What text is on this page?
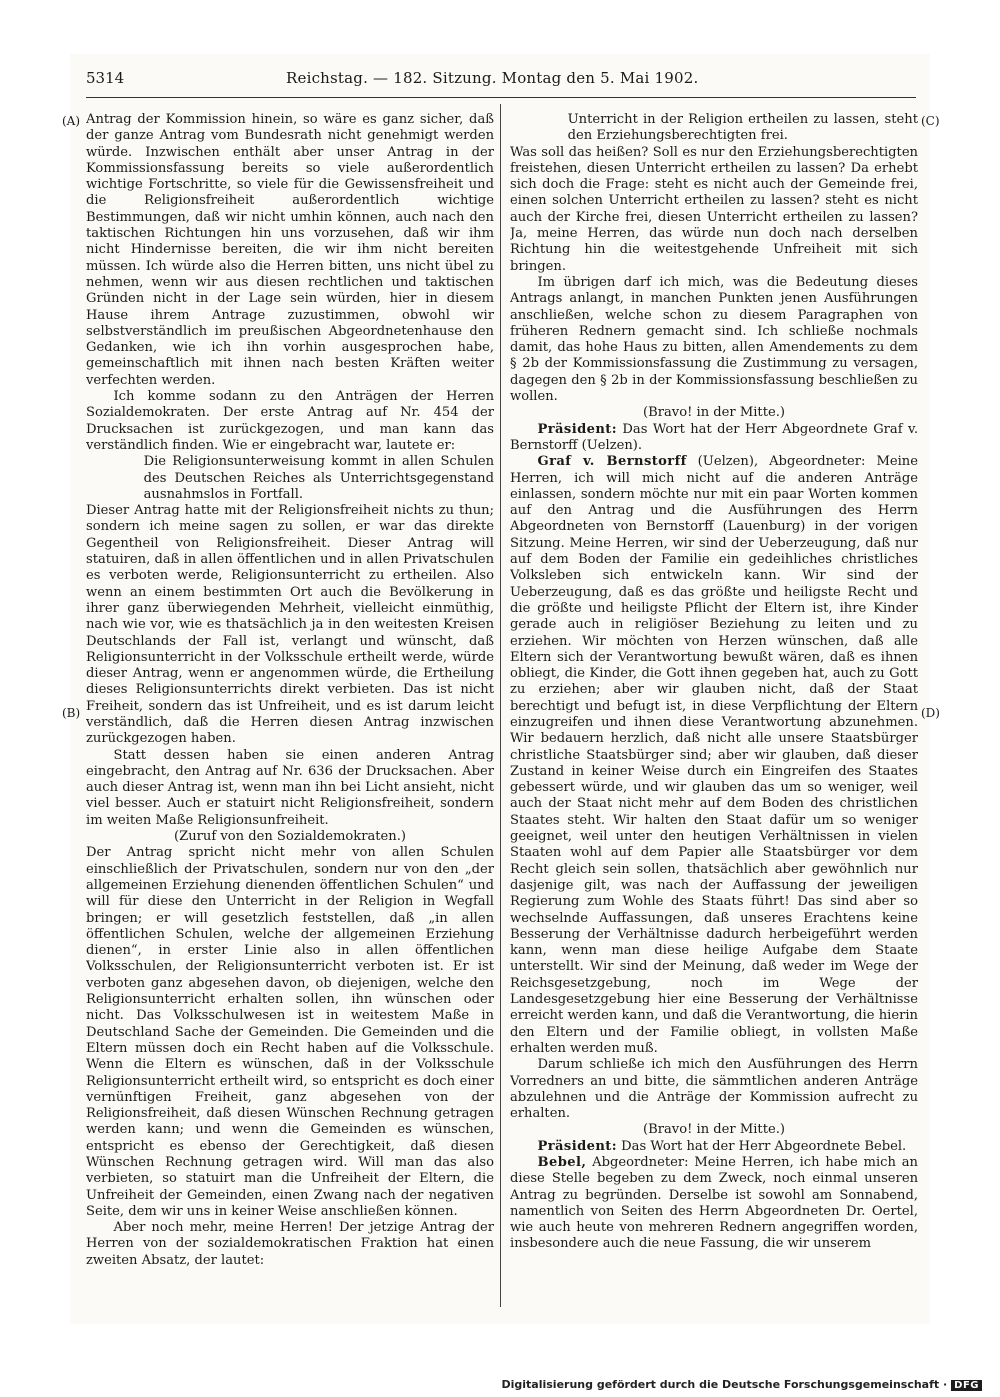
5314	Reichstag. — 182. Sitzung. Montag den 5. Mai 1902.
(A)
(B)
(C)
(D)

Antrag der Kommission hinein, so wäre es ganz sicher, daß der ganze Antrag vom Bundesrath nicht genehmigt werden würde. Inzwischen enthält aber unser Antrag in der Kommissionsfassung bereits so viele außerordentlich wichtige Fortschritte, so viele für die Gewissensfreiheit und die Religionsfreiheit außerordentlich wichtige Bestimmungen, daß wir nicht umhin können, auch nach den taktischen Richtungen hin uns vorzusehen, daß wir ihm nicht Hindernisse bereiten, die wir ihm nicht bereiten müssen. Ich würde also die Herren bitten, uns nicht übel zu nehmen, wenn wir aus diesen rechtlichen und taktischen Gründen nicht in der Lage sein würden, hier in diesem Hause ihrem Antrage zuzustimmen, obwohl wir selbstverständlich im preußischen Abgeordnetenhause den Gedanken, wie ich ihn vorhin ausgesprochen habe, gemeinschaftlich mit ihnen nach besten Kräften weiter verfechten werden.

Ich komme sodann zu den Anträgen der Herren Sozialdemokraten. Der erste Antrag auf Nr. 454 der Drucksachen ist zurückgezogen, und man kann das verständlich finden. Wie er eingebracht war, lautete er:

Die Religionsunterweisung kommt in allen Schulen des Deutschen Reiches als Unterrichtsgegenstand ausnahmslos in Fortfall.

Dieser Antrag hatte mit der Religionsfreiheit nichts zu thun; sondern ich meine sagen zu sollen, er war das direkte Gegentheil von Religionsfreiheit. Dieser Antrag will statuiren, daß in allen öffentlichen und in allen Privatschulen es verboten werde, Religionsunterricht zu ertheilen. Also wenn an einem bestimmten Ort auch die Bevölkerung in ihrer ganz überwiegenden Mehrheit, vielleicht einmüthig, nach wie vor, wie es thatsächlich ja in den weitesten Kreisen Deutschlands der Fall ist, verlangt und wünscht, daß Religionsunterricht in der Volksschule ertheilt werde, würde dieser Antrag, wenn er angenommen würde, die Ertheilung dieses Religionsunterrichts direkt verbieten. Das ist nicht Freiheit, sondern das ist Unfreiheit, und es ist darum leicht verständlich, daß die Herren diesen Antrag inzwischen zurückgezogen haben.

Statt dessen haben sie einen anderen Antrag eingebracht, den Antrag auf Nr. 636 der Drucksachen. Aber auch dieser Antrag ist, wenn man ihn bei Licht ansieht, nicht viel besser. Auch er statuirt nicht Religionsfreiheit, sondern im weiten Maße Religionsunfreiheit.

(Zuruf von den Sozialdemokraten.)

Der Antrag spricht nicht mehr von allen Schulen einschließlich der Privatschulen, sondern nur von den „der allgemeinen Erziehung dienenden öffentlichen Schulen“ und will für diese den Unterricht in der Religion in Wegfall bringen; er will gesetzlich feststellen, daß „in allen öffentlichen Schulen, welche der allgemeinen Erziehung dienen“, in erster Linie also in allen öffentlichen Volksschulen, der Religionsunterricht verboten ist. Er ist verboten ganz abgesehen davon, ob diejenigen, welche den Religionsunterricht erhalten sollen, ihn wünschen oder nicht. Das Volksschulwesen ist in weitestem Maße in Deutschland Sache der Gemeinden. Die Gemeinden und die Eltern müssen doch ein Recht haben auf die Volksschule. Wenn die Eltern es wünschen, daß in der Volksschule Religionsunterricht ertheilt wird, so entspricht es doch einer vernünftigen Freiheit, ganz abgesehen von der Religionsfreiheit, daß diesen Wünschen Rechnung getragen werden kann; und wenn die Gemeinden es wünschen, entspricht es ebenso der Gerechtigkeit, daß diesen Wünschen Rechnung getragen wird. Will man das also verbieten, so statuirt man die Unfreiheit der Eltern, die Unfreiheit der Gemeinden, einen Zwang nach der negativen Seite, dem wir uns in keiner Weise anschließen können.

Aber noch mehr, meine Herren! Der jetzige Antrag der Herren von der sozialdemokratischen Fraktion hat einen zweiten Absatz, der lautet:

Unterricht in der Religion ertheilen zu lassen, steht den Erziehungsberechtigten frei.

Was soll das heißen? Soll es nur den Erziehungsberechtigten freistehen, diesen Unterricht ertheilen zu lassen? Da erhebt sich doch die Frage: steht es nicht auch der Gemeinde frei, einen solchen Unterricht ertheilen zu lassen? steht es nicht auch der Kirche frei, diesen Unterricht ertheilen zu lassen? Ja, meine Herren, das würde nun doch nach derselben Richtung hin die weitestgehende Unfreiheit mit sich bringen.

Im übrigen darf ich mich, was die Bedeutung dieses Antrags anlangt, in manchen Punkten jenen Ausführungen anschließen, welche schon zu diesem Paragraphen von früheren Rednern gemacht sind. Ich schließe nochmals damit, das hohe Haus zu bitten, allen Amendements zu dem § 2b der Kommissionsfassung die Zustimmung zu versagen, dagegen den § 2b in der Kommissionsfassung beschließen zu wollen.

(Bravo! in der Mitte.)

Präsident: Das Wort hat der Herr Abgeordnete Graf v. Bernstorff (Uelzen).

Graf v. Bernstorff (Uelzen), Abgeordneter: Meine Herren, ich will mich nicht auf die anderen Anträge einlassen, sondern möchte nur mit ein paar Worten kommen auf den Antrag und die Ausführungen des Herrn Abgeordneten von Bernstorff (Lauenburg) in der vorigen Sitzung. Meine Herren, wir sind der Ueberzeugung, daß nur auf dem Boden der Familie ein gedeihliches christliches Volksleben sich entwickeln kann. Wir sind der Ueberzeugung, daß es das größte und heiligste Recht und die größte und heiligste Pflicht der Eltern ist, ihre Kinder gerade auch in religiöser Beziehung zu leiten und zu erziehen. Wir möchten von Herzen wünschen, daß alle Eltern sich der Verantwortung bewußt wären, daß es ihnen obliegt, die Kinder, die Gott ihnen gegeben hat, auch zu Gott zu erziehen; aber wir glauben nicht, daß der Staat berechtigt und befugt ist, in diese Verpflichtung der Eltern einzugreifen und ihnen diese Verantwortung abzunehmen. Wir bedauern herzlich, daß nicht alle unsere Staatsbürger christliche Staatsbürger sind; aber wir glauben, daß dieser Zustand in keiner Weise durch ein Eingreifen des Staates gebessert würde, und wir glauben das um so weniger, weil auch der Staat nicht mehr auf dem Boden des christlichen Staates steht. Wir halten den Staat dafür um so weniger geeignet, weil unter den heutigen Verhältnissen in vielen Staaten wohl auf dem Papier alle Staatsbürger vor dem Recht gleich sein sollen, thatsächlich aber gewöhnlich nur dasjenige gilt, was nach der Auffassung der jeweiligen Regierung zum Wohle des Staats führt! Das sind aber so wechselnde Auffassungen, daß unseres Erachtens keine Besserung der Verhältnisse dadurch herbeigeführt werden kann, wenn man diese heilige Aufgabe dem Staate unterstellt. Wir sind der Meinung, daß weder im Wege der Reichsgesetzgebung, noch im Wege der Landesgesetzgebung hier eine Besserung der Verhältnisse erreicht werden kann, und daß die Verantwortung, die hierin den Eltern und der Familie obliegt, in vollsten Maße erhalten werden muß.

Darum schließe ich mich den Ausführungen des Herrn Vorredners an und bitte, die sämmtlichen anderen Anträge abzulehnen und die Anträge der Kommission aufrecht zu erhalten.

(Bravo! in der Mitte.)

Präsident: Das Wort hat der Herr Abgeordnete Bebel.

Bebel, Abgeordneter: Meine Herren, ich habe mich an diese Stelle begeben zu dem Zweck, noch einmal unseren Antrag zu begründen. Derselbe ist sowohl am Sonnabend, namentlich von Seiten des Herrn Abgeordneten Dr. Oertel, wie auch heute von mehreren Rednern angegriffen worden, insbesondere auch die neue Fassung, die wir unserem

Digitalisierung gefördert durch die Deutsche Forschungsgemeinschaft · DFG
